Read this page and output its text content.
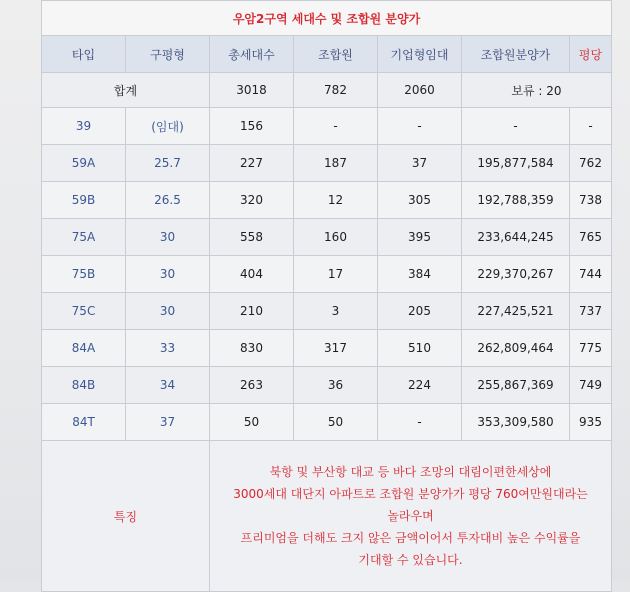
우암2구역 세대수 및 조합원 분양가						
타입	구평형	총세대수	조합원	기업형임대	조합원분양가	평당
합계		3018	782	2060	보류 : 20	
39	(임대)	156	-	-	-	-
59A	25.7	227	187	37	195,877,584	762
59B	26.5	320	12	305	192,788,359	738
75A	30	558	160	395	233,644,245	765
75B	30	404	17	384	229,370,267	744
75C	30	210	3	205	227,425,521	737
84A	33	830	317	510	262,809,464	775
84B	34	263	36	224	255,867,369	749
84T	37	50	50	-	353,309,580	935
특징		북항 및 부산항 대교 등 바다 조망의 대림이편한세상에
3000세대 대단지 아파트로 조합원 분양가가 평당 760여만원대라는
놀라우며
프리미엄을 더해도 크지 않은 금액이어서 투자대비 높은 수익률을
기대할 수 있습니다.				
